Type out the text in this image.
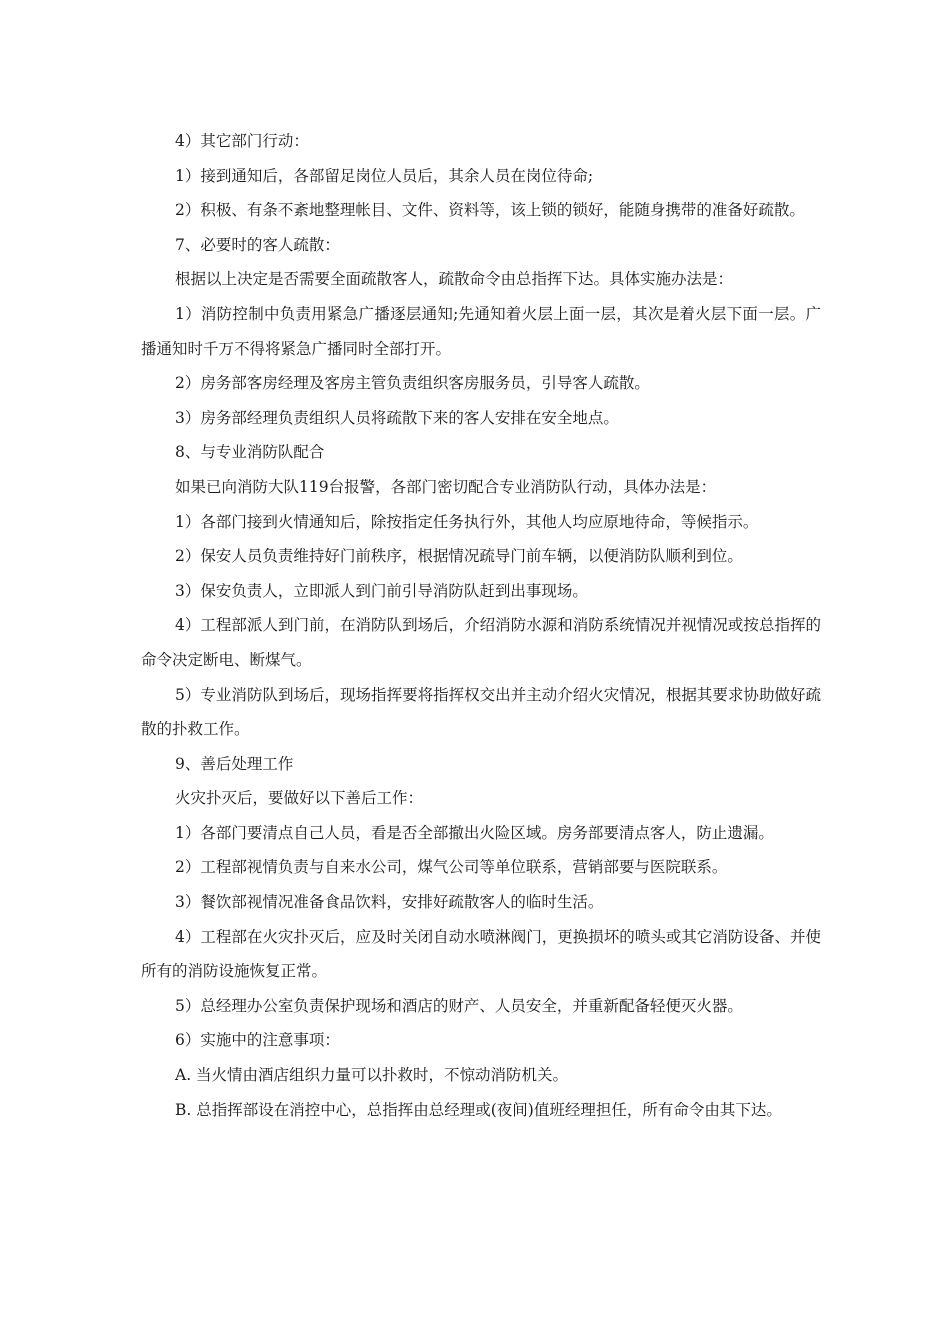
4）其它部门行动：

1）接到通知后，各部留足岗位人员后，其余人员在岗位待命;

2）积极、有条不紊地整理帐目、文件、资料等，该上锁的锁好，能随身携带的准备好疏散。

7、必要时的客人疏散：

根据以上决定是否需要全面疏散客人，疏散命令由总指挥下达。具体实施办法是：

1）消防控制中负责用紧急广播逐层通知;先通知着火层上面一层，其次是着火层下面一层。广播通知时千万不得将紧急广播同时全部打开。

2）房务部客房经理及客房主管负责组织客房服务员，引导客人疏散。

3）房务部经理负责组织人员将疏散下来的客人安排在安全地点。

8、与专业消防队配合

如果已向消防大队119台报警，各部门密切配合专业消防队行动，具体办法是：

1）各部门接到火情通知后，除按指定任务执行外，其他人均应原地待命，等候指示。

2）保安人员负责维持好门前秩序，根据情况疏导门前车辆，以便消防队顺利到位。

3）保安负责人，立即派人到门前引导消防队赶到出事现场。

4）工程部派人到门前，在消防队到场后，介绍消防水源和消防系统情况并视情况或按总指挥的命令决定断电、断煤气。

5）专业消防队到场后，现场指挥要将指挥权交出并主动介绍火灾情况，根据其要求协助做好疏散的扑救工作。

9、善后处理工作

火灾扑灭后，要做好以下善后工作：

1）各部门要清点自己人员，看是否全部撤出火险区域。房务部要清点客人，防止遗漏。

2）工程部视情负责与自来水公司，煤气公司等单位联系，营销部要与医院联系。

3）餐饮部视情况准备食品饮料，安排好疏散客人的临时生活。

4）工程部在火灾扑灭后，应及时关闭自动水喷淋阀门，更换损坏的喷头或其它消防设备、并使所有的消防设施恢复正常。

5）总经理办公室负责保护现场和酒店的财产、人员安全，并重新配备轻便灭火器。

6）实施中的注意事项：

A. 当火情由酒店组织力量可以扑救时，不惊动消防机关。

B. 总指挥部设在消控中心，总指挥由总经理或(夜间)值班经理担任，所有命令由其下达。
